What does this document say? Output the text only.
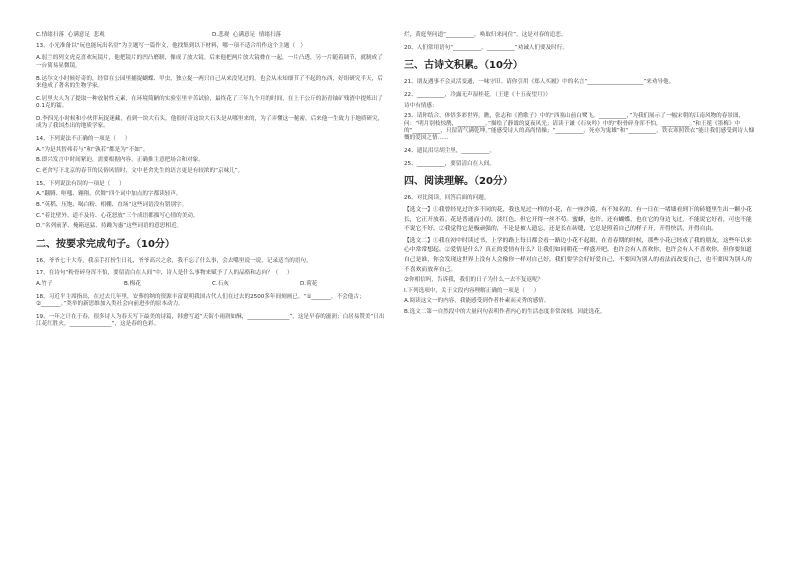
C.情绪扫落  心满意足  悲观	D.悲观  心满意足  情绪扫落
13、小光准备以“玩也能玩出名堂”为主题写一篇作文，他找集到以下材料，哪一项不适合用作这个主题（   ）
A.弱兰的列文虎克喜欢玩镜片，他把镜片的凹凸磨制，像成了放大镜。后来他把两片放大镜叠在一起，一片凸透，另一片随着调节，就制成了一台简易显微镜。
B.达尔文小时候好奇的，经常在公园里捕捉蝴蝶、甲虫，独立捉一两只自己从来没见过的，也会从未知细节了不起的东西，好组研究半天，后来他成了著名的生物学家。
C.居里夫人为了提取一种放射性元素，在环境简陋的实验室里辛苦试验，最终花了三年九个月的时间，在上千公斤的沥青铀矿残渣中提炼出了0.1克的镭。
D.李四光小时候和小伙伴玩捉迷藏，看到一块大石头，他很好奇这块大石头是从哪里来的，为了弄懂这一秘密，后来他一生致力于地质研究，成为了我国杰出的地质学家。
14、下列说法不正确的一项是（     ）
A.“为是其智弗若与”和“孰若”都是为“不如”。
B.即兴发言中时间紧迫，需要根据内容，正确推主意把场合和对象。
C.老舍写下北京的春节的民俗风情时，文中老舍先生的语言更是有较浓的“京味儿”。
15、下列说法有误的一项是（     ）
A.“翻腾、呕嗤、翱翔、伏舞”四个词中加点的字都读轻声。
B.“英稻、压饱、喝白粉、相棚、直场”这些词语没有错别字。
C.“着比壁外、道不及待、心花怒放”三个成语都描写心情的美动。
D.“名列前茅、掩箱迅猛、持躁为惠”这些词语的意思相近。
二、按要求完成句子。（10分）
16、爷爷七十大寿，我亲手打扮生日礼，爷爷高兴之余，我不忘了什么事，会去嘴里说一说，记录适当的语句。
17、在诗句“粉骨碎身浑不怕，要留清白在人间”中，诗人是什么事物来赋予了人的品格和志向？（     ）
A.竹子	B.梅花	C.石灰	D.荷花
18、习近平主席指出，在过去几年里，安葬的纳的资源丰富说明我国古代人们在过去的2500多年间刻画已。“①_______，不会他古；②_______。”类举的新思维加入类社会向前进步的原本动力。
19、一年之计在于春，很多诗人为春天写下最美的诗篇，韩愈写道“天街小雨润如酥，_______________”，这是早春的滋润；白居易赞美“日出江花红胜火，_______________”，这是春的色彩。
烂，黄庭坚问道“__________，唤取归来同住”，这是对春的追恋。
20、人们常用语句“__________，__________”劝诫人们要及时行。
三、古诗文积累。（10分）
21、朋友遇事不会灵活变通，一味守旧。请你引用《郑人买履》中的名言“____________________”来劝导他。
22、__________，冷露无声湿桂花。（王建《十五夜望月》）
诗中有情感：
23、请你结合，体悟多彩世界。瞧，张志和《渔歌子》中的“西塞山前白鹭飞，__________，”为我们展示了一幅宋朝的江南风物的春景图，问：“明月别枝惊鹊，__________。”描绘了静谧的夏夜风光；请读于谦《石灰吟》中的“粉骨碎身浑不怕，__________。”和王冕《墨梅》中的“__________，只留清气满乾坤。”能感受诗人的高尚情操；“__________，死亦为鬼雄”和“__________，铁衣寒照铁衣”能让我们感受到诗人慷慨的爱国之情……
24、遗民泪尽胡尘里，__________。
25、__________，要留清白在人间。
四、阅读理解。（20分）
26、对比阅读，回答后面的问题。
【选文一】①我曾经见过许多不同的花，我也见过一样的小花，在一座沙漠，有不知名的，有一日在一堵墙看到下的砖缝里生出一颗小花长，它正开放着。花是普通而小的，淡红色，但它开得一丝不苟。蜜蜂，也许，还有蝴蝶，也在它的身边飞过，不能说它好看，可也不能不说它不好。②我觉得它是极顽强的，不论是被人遗忘，还是长在砖缝，它总是照着自己的样子开，开得快活，开得自由。
【选文二】①我在初中时读过书，上学的路上每日都会看一路边小花不起眼，在青春期的时候，那些小花已经成了我的朋友，这些年以来心中常常想起。②爱情是什么？真正的爱情有什么？让我们如同朝花一样盛开吧。也许会有人喜欢你，也许会有人不喜欢你，但你要知道自己是谁，你会发现这世界上没有人会像你一样对自己好。我们要学会好好爱自己，不要因为别人的看法而改变自己，也不要因为别人的不喜欢而放弃自己。
②你相信吗，告诉我，我们的日子为什么一去不复返呢？
I.下列选项中，关于文段内容理解正确的一项是（     ）
A.阅读这文一的内容，我能感受到作者朴素而灵秀的感情。
B.选文二第一自然段中的大量问句表明作者内心的生活态度非常深刻，因此选花。
